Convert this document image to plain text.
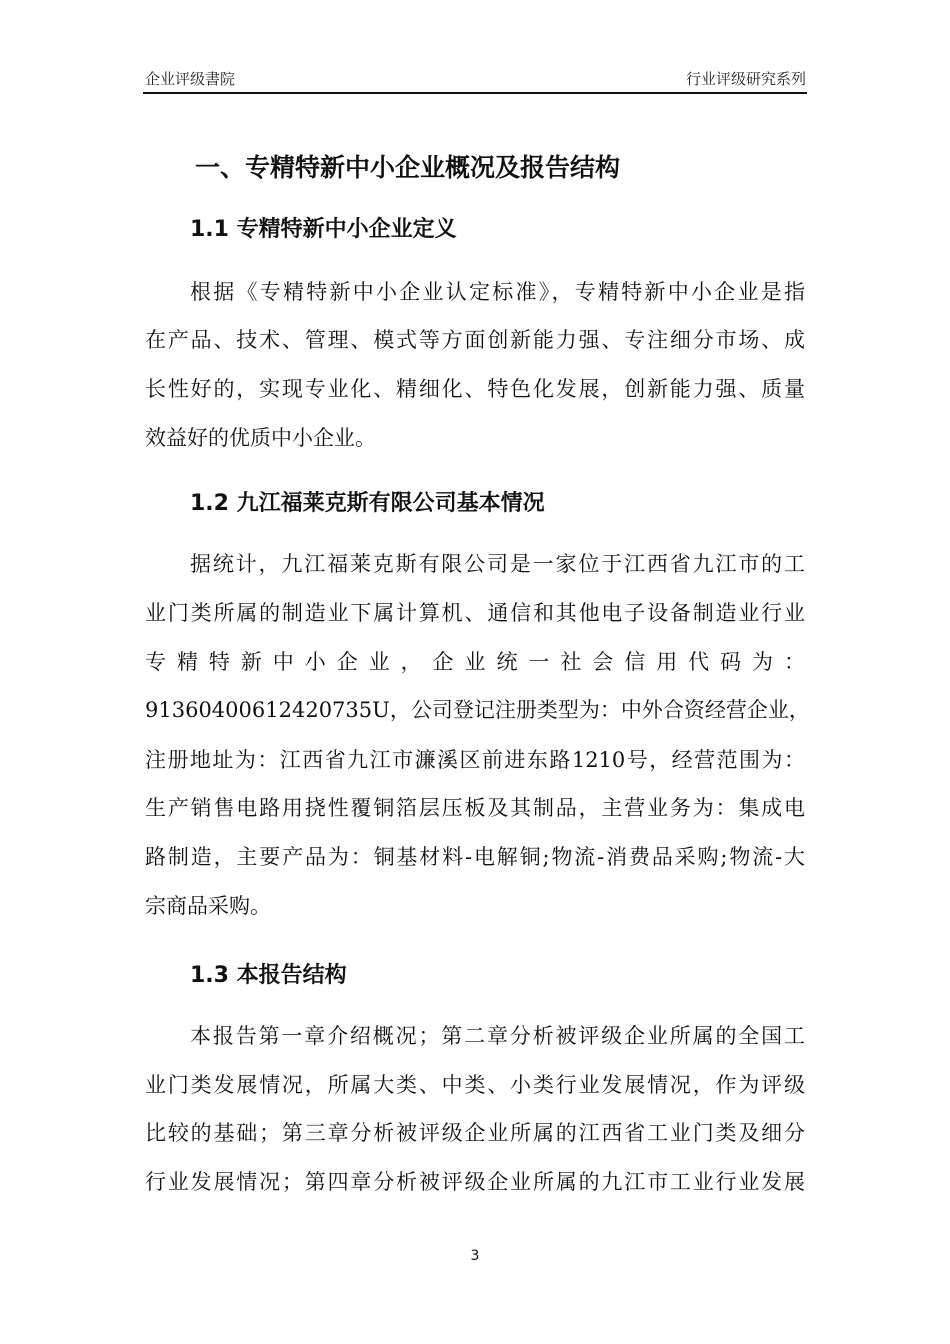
企业评级書院	行业评级研究系列
一、专精特新中小企业概况及报告结构
1.1 专精特新中小企业定义
根据《专精特新中小企业认定标准》，专精特新中小企业是指
在产品、技术、管理、模式等方面创新能力强、专注细分市场、成
长性好的，实现专业化、精细化、特色化发展，创新能力强、质量
效益好的优质中小企业。
1.2 九江福莱克斯有限公司基本情况
据统计，九江福莱克斯有限公司是一家位于江西省九江市的工
业门类所属的制造业下属计算机、通信和其他电子设备制造业行业
专精特新中小企业，企业统一社会信用代码为：
91360400612420735U，公司登记注册类型为：中外合资经营企业，
注册地址为：江西省九江市濂溪区前进东路1210号，经营范围为：
生产销售电路用挠性覆铜箔层压板及其制品，主营业务为：集成电
路制造，主要产品为：铜基材料-电解铜;物流-消费品采购;物流-大
宗商品采购。
1.3 本报告结构
本报告第一章介绍概况；第二章分析被评级企业所属的全国工
业门类发展情况，所属大类、中类、小类行业发展情况，作为评级
比较的基础；第三章分析被评级企业所属的江西省工业门类及细分
行业发展情况；第四章分析被评级企业所属的九江市工业行业发展
3
